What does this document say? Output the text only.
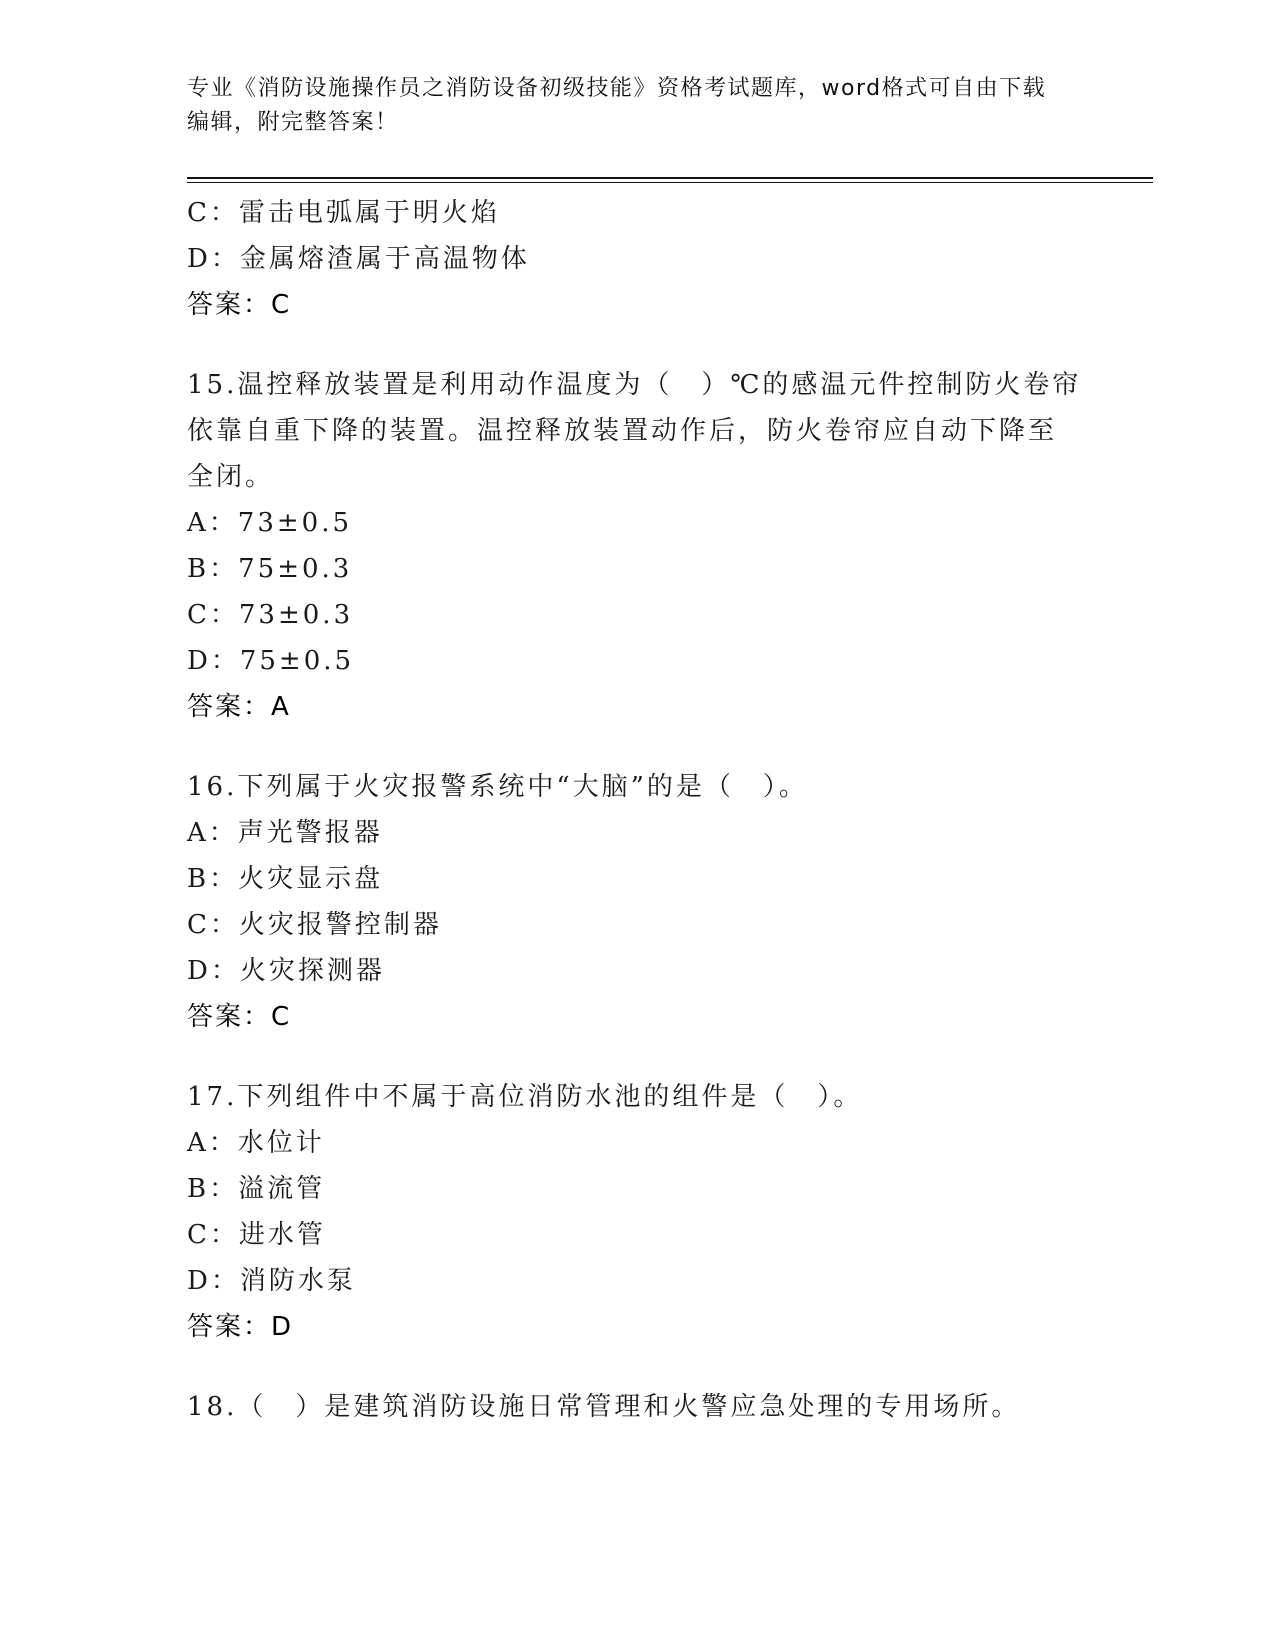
专业《消防设施操作员之消防设备初级技能》资格考试题库，word格式可自由下载编辑，附完整答案！
C：雷击电弧属于明火焰
D：金属熔渣属于高温物体
答案：C
15.温控释放装置是利用动作温度为（　）℃的感温元件控制防火卷帘
依靠自重下降的装置。温控释放装置动作后，防火卷帘应自动下降至
全闭。
A：73±0.5
B：75±0.3
C：73±0.3
D：75±0.5
答案：A
16.下列属于火灾报警系统中“大脑”的是（　）。
A：声光警报器
B：火灾显示盘
C：火灾报警控制器
D：火灾探测器
答案：C
17.下列组件中不属于高位消防水池的组件是（　）。
A：水位计
B：溢流管
C：进水管
D：消防水泵
答案：D
18.（　）是建筑消防设施日常管理和火警应急处理的专用场所。
